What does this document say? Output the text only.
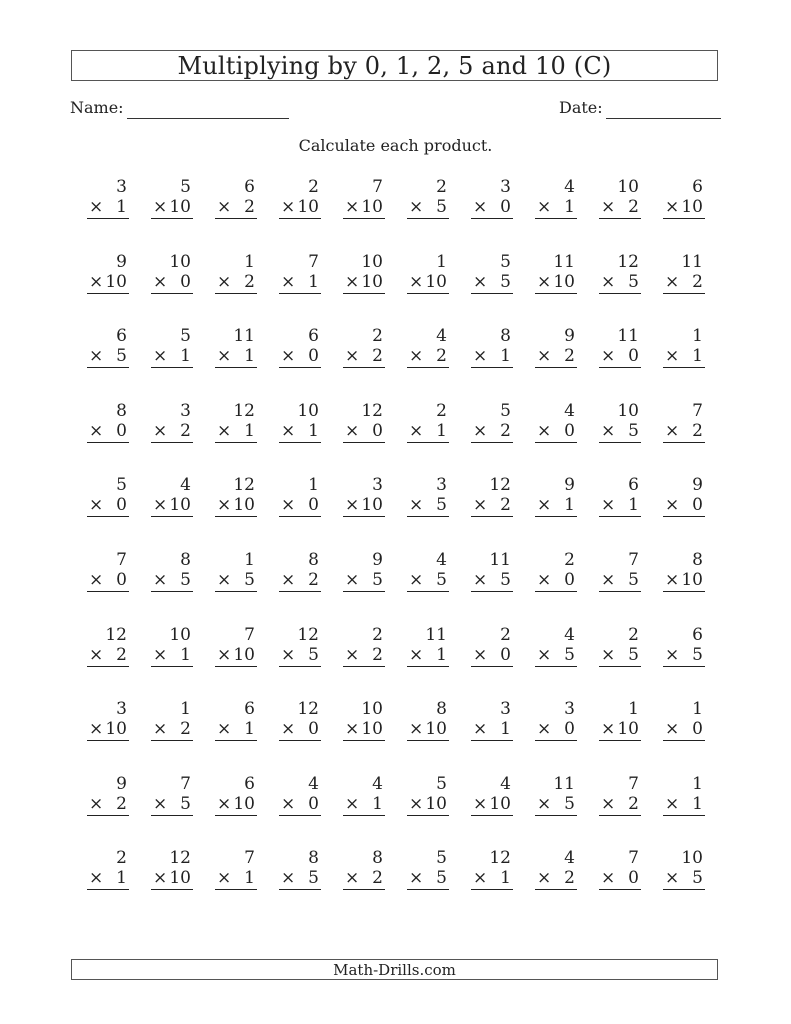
Multiplying by 0, 1, 2, 5 and 10 (C)
Name:	Date:
Calculate each product.
3
× 1
5
× 10
6
× 2
2
× 10
7
× 10
2
× 5
3
× 0
4
× 1
10
× 2
6
× 10
9
× 10
10
× 0
1
× 2
7
× 1
10
× 10
1
× 10
5
× 5
11
× 10
12
× 5
11
× 2
6
× 5
5
× 1
11
× 1
6
× 0
2
× 2
4
× 2
8
× 1
9
× 2
11
× 0
1
× 1
8
× 0
3
× 2
12
× 1
10
× 1
12
× 0
2
× 1
5
× 2
4
× 0
10
× 5
7
× 2
5
× 0
4
× 10
12
× 10
1
× 0
3
× 10
3
× 5
12
× 2
9
× 1
6
× 1
9
× 0
7
× 0
8
× 5
1
× 5
8
× 2
9
× 5
4
× 5
11
× 5
2
× 0
7
× 5
8
× 10
12
× 2
10
× 1
7
× 10
12
× 5
2
× 2
11
× 1
2
× 0
4
× 5
2
× 5
6
× 5
3
× 10
1
× 2
6
× 1
12
× 0
10
× 10
8
× 10
3
× 1
3
× 0
1
× 10
1
× 0
9
× 2
7
× 5
6
× 10
4
× 0
4
× 1
5
× 10
4
× 10
11
× 5
7
× 2
1
× 1
2
× 1
12
× 10
7
× 1
8
× 5
8
× 2
5
× 5
12
× 1
4
× 2
7
× 0
10
× 5
Math-Drills.com
